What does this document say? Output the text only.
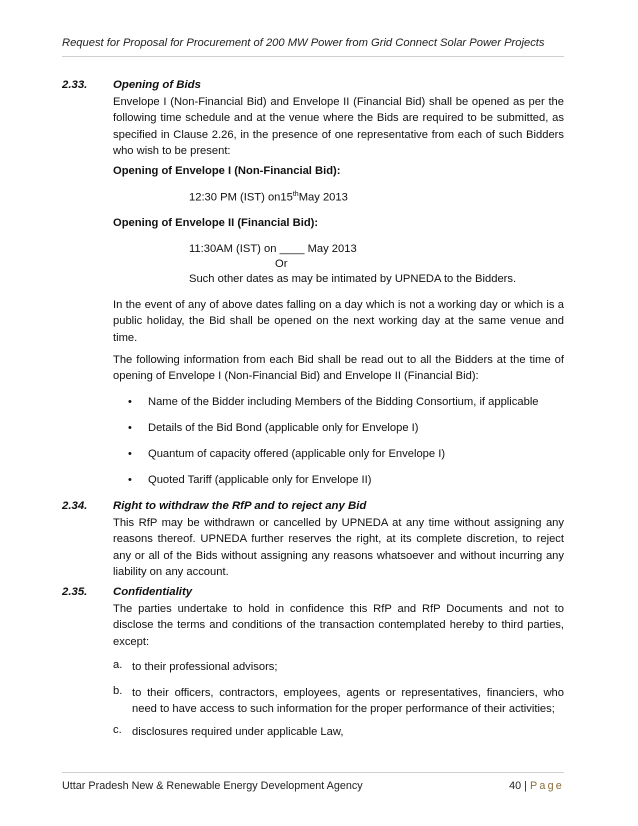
Request for Proposal for Procurement of 200 MW Power from Grid Connect Solar Power Projects
2.33. Opening of Bids
Envelope I (Non-Financial Bid) and Envelope II (Financial Bid) shall be opened as per the following time schedule and at the venue where the Bids are required to be submitted, as specified in Clause 2.26, in the presence of one representative from each of such Bidders who wish to be present:
Opening of Envelope I (Non-Financial Bid):
12:30 PM (IST) on15thMay 2013
Opening of Envelope II (Financial Bid):
11:30AM (IST) on ____ May 2013
Or
Such other dates as may be intimated by UPNEDA to the Bidders.
In the event of any of above dates falling on a day which is not a working day or which is a public holiday, the Bid shall be opened on the next working day at the same venue and time.
The following information from each Bid shall be read out to all the Bidders at the time of opening of Envelope I (Non-Financial Bid) and Envelope II (Financial Bid):
• Name of the Bidder including Members of the Bidding Consortium, if applicable
• Details of the Bid Bond (applicable only for Envelope I)
• Quantum of capacity offered (applicable only for Envelope I)
• Quoted Tariff (applicable only for Envelope II)
2.34. Right to withdraw the RfP and to reject any Bid
This RfP may be withdrawn or cancelled by UPNEDA at any time without assigning any reasons thereof. UPNEDA further reserves the right, at its complete discretion, to reject any or all of the Bids without assigning any reasons whatsoever and without incurring any liability on any account.
2.35. Confidentiality
The parties undertake to hold in confidence this RfP and RfP Documents and not to disclose the terms and conditions of the transaction contemplated hereby to third parties, except:
a. to their professional advisors;
b. to their officers, contractors, employees, agents or representatives, financiers, who need to have access to such information for the proper performance of their activities;
c. disclosures required under applicable Law,
Uttar Pradesh New & Renewable Energy Development Agency	40 | Page
